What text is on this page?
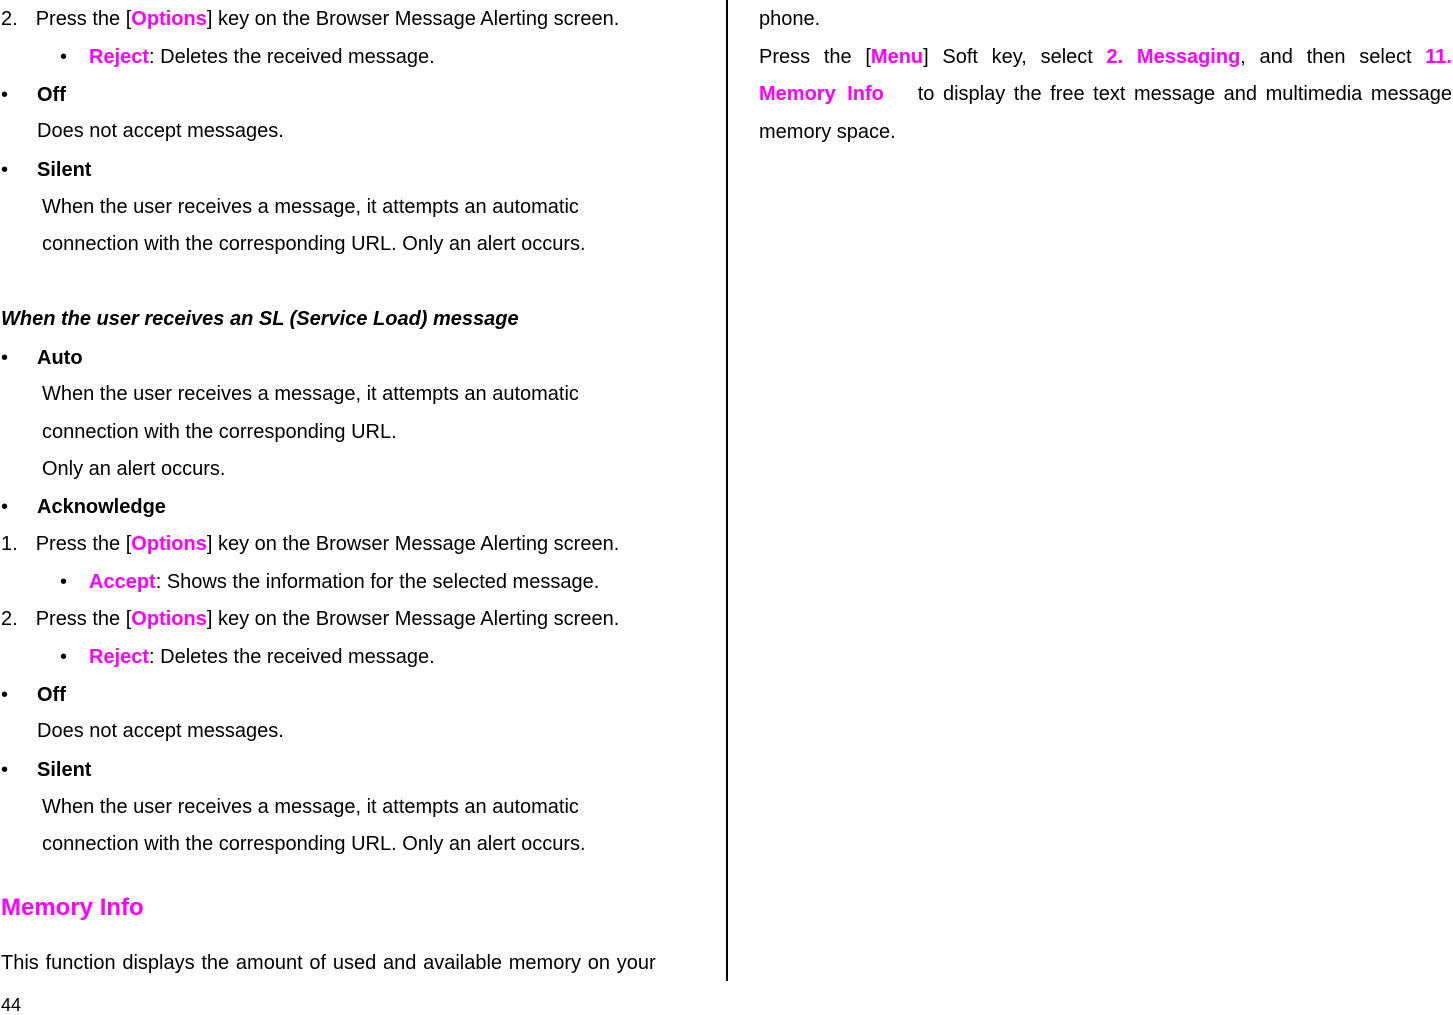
2. Press the [Options] key on the Browser Message Alerting screen.
• Reject: Deletes the received message.
• Off
Does not accept messages.
• Silent
When the user receives a message, it attempts an automatic
connection with the corresponding URL. Only an alert occurs.
When the user receives an SL (Service Load) message
• Auto
When the user receives a message, it attempts an automatic
connection with the corresponding URL.
Only an alert occurs.
• Acknowledge
1. Press the [Options] key on the Browser Message Alerting screen.
• Accept: Shows the information for the selected message.
2. Press the [Options] key on the Browser Message Alerting screen.
• Reject: Deletes the received message.
• Off
Does not accept messages.
• Silent
When the user receives a message, it attempts an automatic
connection with the corresponding URL. Only an alert occurs.
Memory Info
This function displays the amount of used and available memory on your
44
phone.
Press the [Menu] Soft key, select 2. Messaging, and then select 11.
Memory Info to display the free text message and multimedia message
memory space.
